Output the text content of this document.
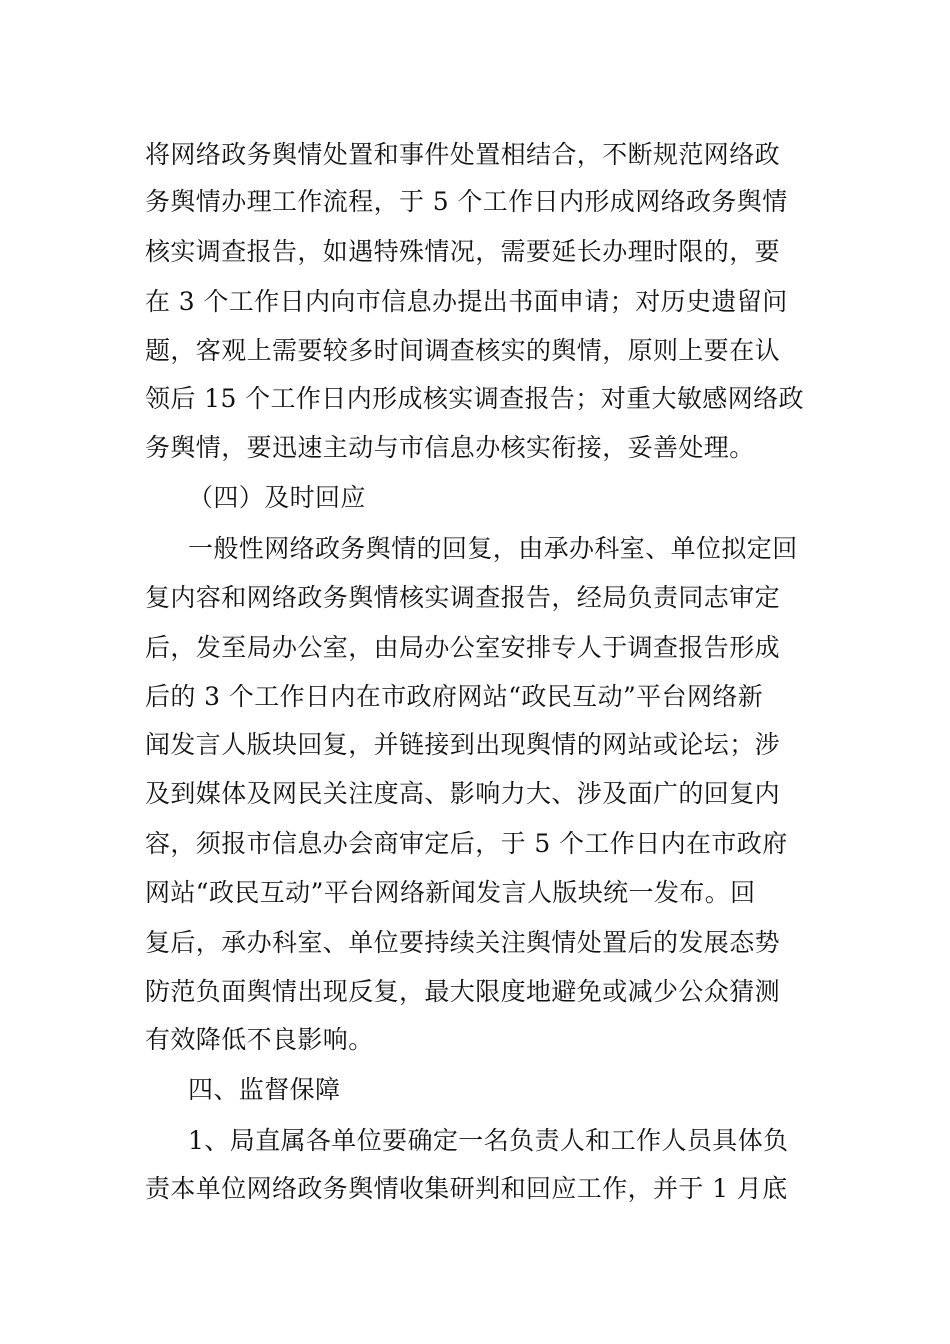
将网络政务舆情处置和事件处置相结合，不断规范网络政
务舆情办理工作流程，于 5 个工作日内形成网络政务舆情
核实调查报告，如遇特殊情况，需要延长办理时限的，要
在 3 个工作日内向市信息办提出书面申请；对历史遗留问
题，客观上需要较多时间调查核实的舆情，原则上要在认
领后 15 个工作日内形成核实调查报告；对重大敏感网络政
务舆情，要迅速主动与市信息办核实衔接，妥善处理。
（四）及时回应
一般性网络政务舆情的回复，由承办科室、单位拟定回
复内容和网络政务舆情核实调查报告，经局负责同志审定
后，发至局办公室，由局办公室安排专人于调查报告形成
后的 3 个工作日内在市政府网站“政民互动”平台网络新
闻发言人版块回复，并链接到出现舆情的网站或论坛；涉
及到媒体及网民关注度高、影响力大、涉及面广的回复内
容，须报市信息办会商审定后，于 5 个工作日内在市政府
网站“政民互动”平台网络新闻发言人版块统一发布。回
复后，承办科室、单位要持续关注舆情处置后的发展态势
防范负面舆情出现反复，最大限度地避免或减少公众猜测
有效降低不良影响。
四、监督保障
1、局直属各单位要确定一名负责人和工作人员具体负
责本单位网络政务舆情收集研判和回应工作，并于 1 月底
